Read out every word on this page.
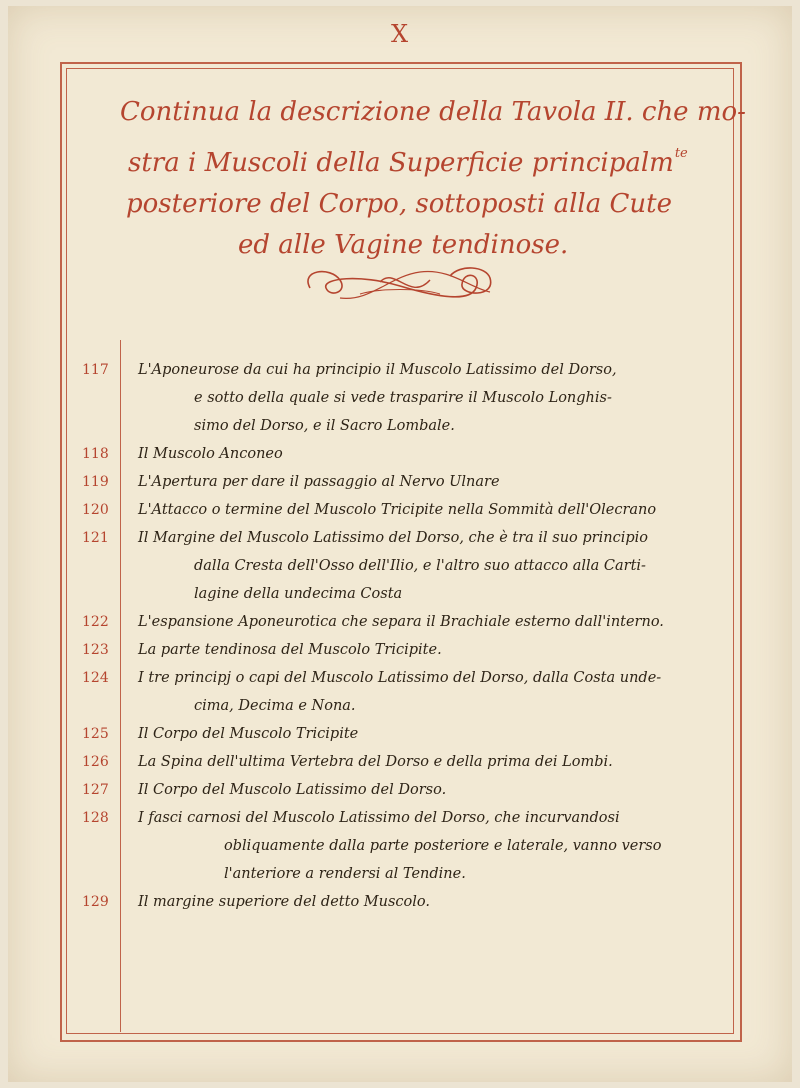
X
Continua la descrizione della Tavola II. che mo-
stra i Muscoli della Superficie principalm$^{te}$
posteriore del Corpo, sottoposti alla Cute
ed alle Vagine tendinose.
117	L'Aponeurose da cui ha principio il Muscolo Latissimo del Dorso,
e sotto della quale si vede trasparire il Muscolo Longhis-
simo del Dorso, e il Sacro Lombale.
118	Il Muscolo Anconeo
119	L'Apertura per dare il passaggio al Nervo Ulnare
120	L'Attacco o termine del Muscolo Tricipite nella Sommità dell'Olecrano
121	Il Margine del Muscolo Latissimo del Dorso, che è tra il suo principio
dalla Cresta dell'Osso dell'Ilio, e l'altro suo attacco alla Carti-
lagine della undecima Costa
122	L'espansione Aponeurotica che separa il Brachiale esterno dall'interno.
123	La parte tendinosa del Muscolo Tricipite.
124	I tre principj o capi del Muscolo Latissimo del Dorso, dalla Costa unde-
cima, Decima e Nona.
125	Il Corpo del Muscolo Tricipite
126	La Spina dell'ultima Vertebra del Dorso e della prima dei Lombi.
127	Il Corpo del Muscolo Latissimo del Dorso.
128	I fasci carnosi del Muscolo Latissimo del Dorso, che incurvandosi
obliquamente dalla parte posteriore e laterale, vanno verso
l'anteriore a rendersi al Tendine.
129	Il margine superiore del detto Muscolo.
